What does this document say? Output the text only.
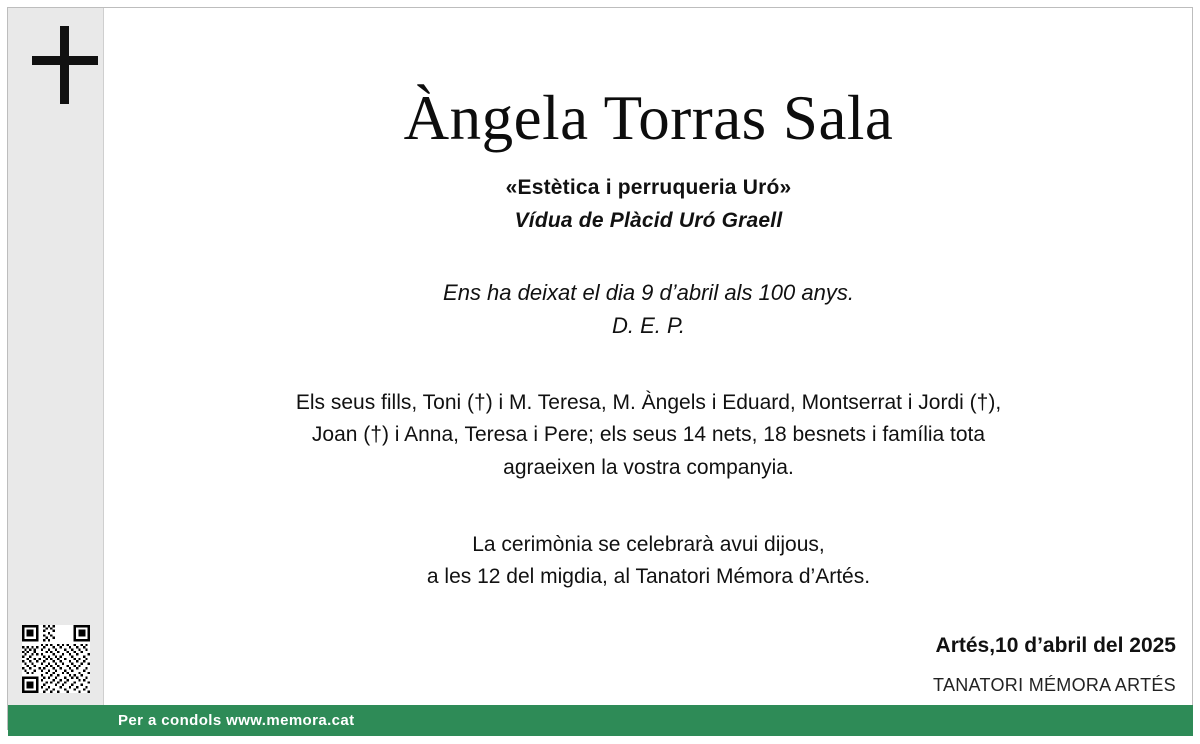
Àngela Torras Sala
«Estètica i perruqueria Uró»
Vídua de Plàcid Uró Graell
Ens ha deixat el dia 9 d’abril als 100 anys.
D. E. P.
Els seus fills, Toni (†) i M. Teresa, M. Àngels i Eduard, Montserrat i Jordi (†),
Joan (†) i Anna, Teresa i Pere; els seus 14 nets, 18 besnets i família tota
agraeixen la vostra companyia.
La cerimònia se celebrarà avui dijous,
a les 12 del migdia, al Tanatori Mémora d’Artés.
Artés,10 d’abril del 2025
TANATORI MÉMORA ARTÉS
Per a condols www.memora.cat
